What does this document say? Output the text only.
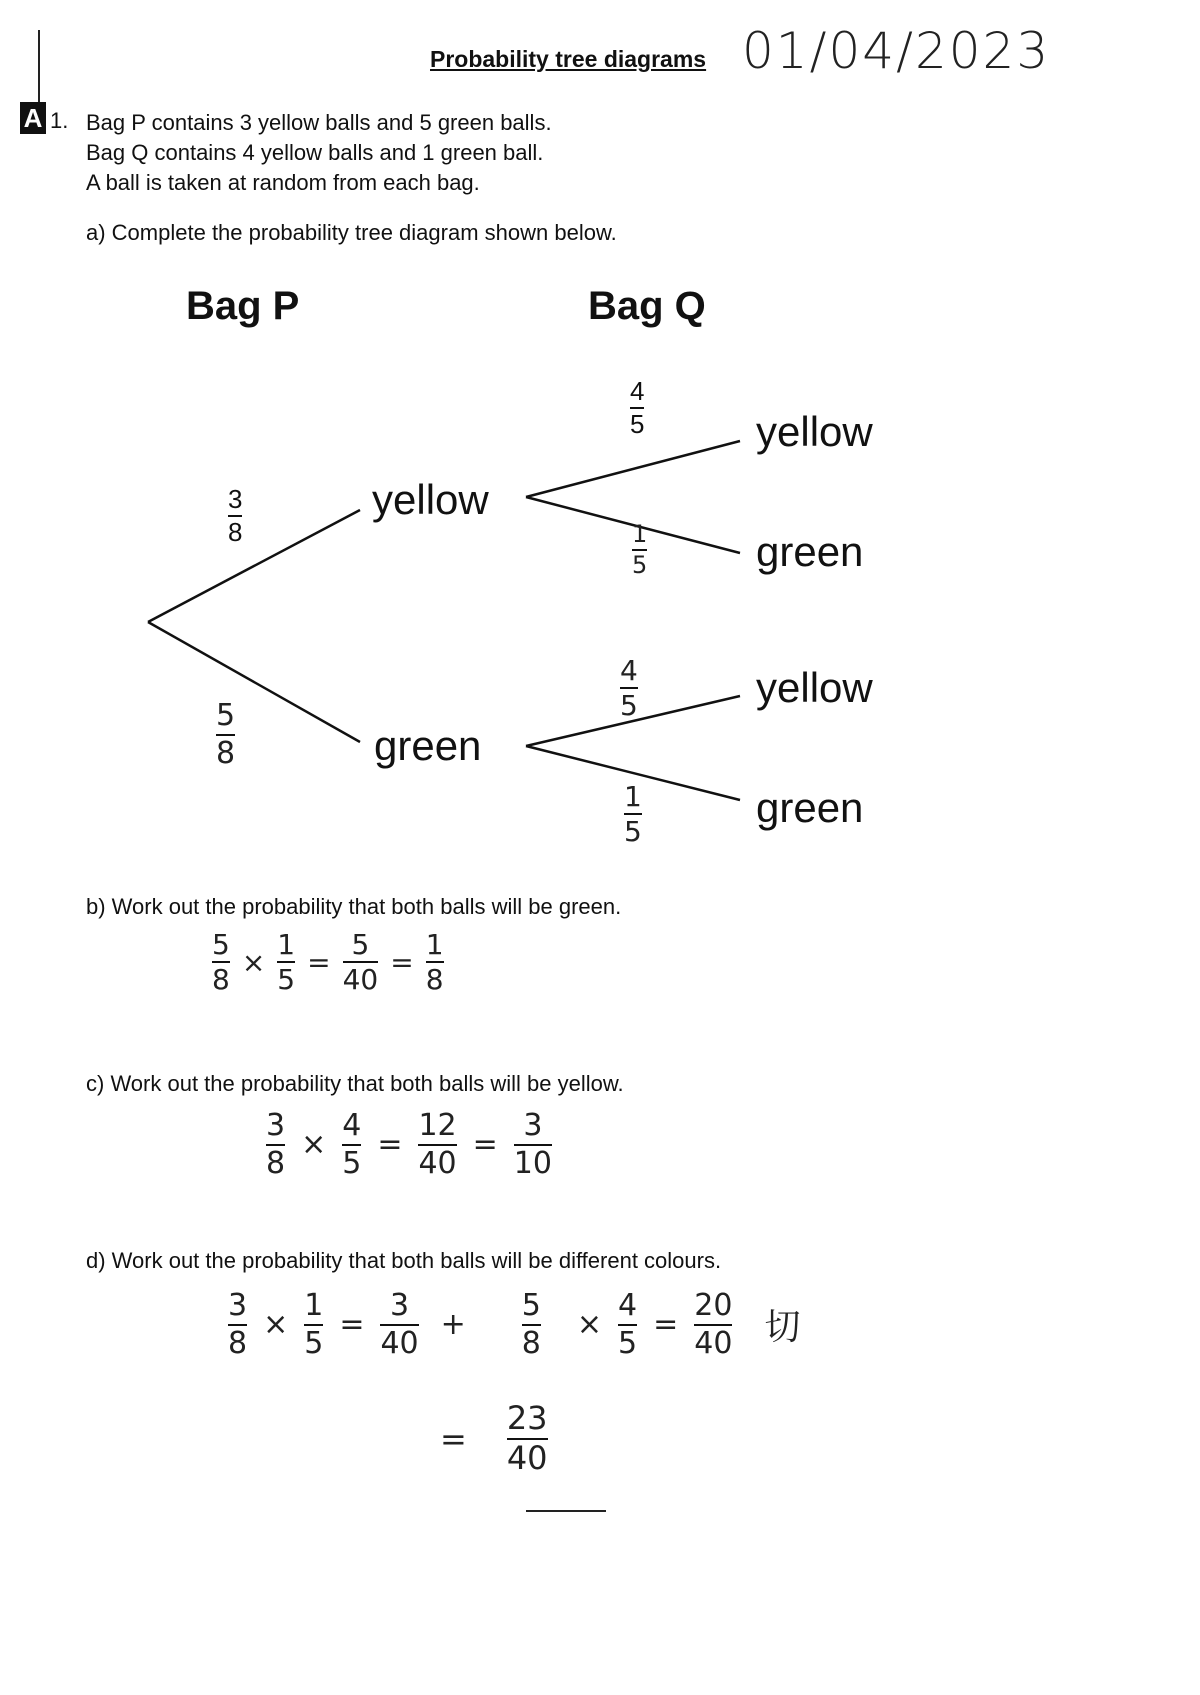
Probability tree diagrams 01/04/2023
A 1. Bag P contains 3 yellow balls and 5 green balls.
Bag Q contains 4 yellow balls and 1 green ball.
A ball is taken at random from each bag.
a) Complete the probability tree diagram shown below.
Bag P	Bag Q
3
8
5
8
yellow
green
4
5
1
5
4
5
1
5
yellow
green
yellow
green
b) Work out the probability that both balls will be green.
$\frac{5}{8} \times \frac{1}{5} = \frac{5}{40} = \frac{1}{8}$
c) Work out the probability that both balls will be yellow.
$\frac{3}{8} \times \frac{4}{5} = \frac{12}{40} = \frac{3}{10}$
d) Work out the probability that both balls will be different colours.
$\frac{3}{8} \times \frac{1}{5} = \frac{3}{40} + \frac{5}{8} \times \frac{4}{5} = \frac{20}{40}$ 切
= $\frac{23}{40}$
